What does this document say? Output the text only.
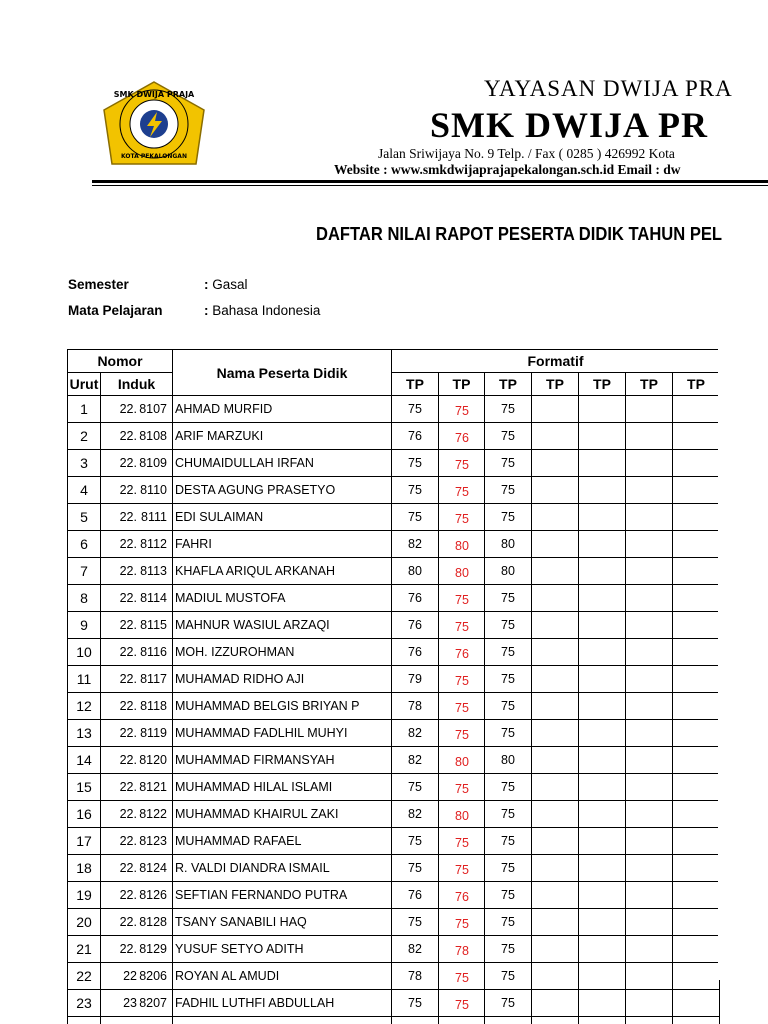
SMK DWIJA PRAJA
KOTA PEKALONGAN
YAYASAN DWIJA PRA
SMK DWIJA PR
Jalan Sriwijaya No. 9 Telp. / Fax ( 0285 ) 426992 Kota
Website : www.smkdwijaprajapekalongan.sch.id Email : dw
DAFTAR NILAI RAPOT PESERTA DIDIK TAHUN PEL
Semester	: Gasal
Mata Pelajaran	: Bahasa Indonesia
Nomor		Nama Peserta Didik	Formatif						
Urut	Induk		TP	TP	TP	TP	TP	TP	TP
1	22. 8107	AHMAD MURFID	75	75	75				
2	22. 8108	ARIF MARZUKI	76	76	75				
3	22. 8109	CHUMAIDULLAH IRFAN	75	75	75				
4	22. 8110	DESTA AGUNG PRASETYO	75	75	75				
5	22. 8111	EDI SULAIMAN	75	75	75				
6	22. 8112	FAHRI	82	80	80				
7	22. 8113	KHAFLA ARIQUL ARKANAH	80	80	80				
8	22. 8114	MADIUL MUSTOFA	76	75	75				
9	22. 8115	MAHNUR WASIUL ARZAQI	76	75	75				
10	22. 8116	MOH. IZZUROHMAN	76	76	75				
11	22. 8117	MUHAMAD RIDHO AJI	79	75	75				
12	22. 8118	MUHAMMAD BELGIS BRIYAN P	78	75	75				
13	22. 8119	MUHAMMAD FADLHIL MUHYI	82	75	75				
14	22. 8120	MUHAMMAD FIRMANSYAH	82	80	80				
15	22. 8121	MUHAMMAD HILAL ISLAMI	75	75	75				
16	22. 8122	MUHAMMAD KHAIRUL ZAKI	82	80	75				
17	22. 8123	MUHAMMAD RAFAEL	75	75	75				
18	22. 8124	R. VALDI DIANDRA ISMAIL	75	75	75				
19	22. 8126	SEFTIAN FERNANDO PUTRA	76	76	75				
20	22. 8128	TSANY SANABILI HAQ	75	75	75				
21	22. 8129	YUSUF SETYO ADITH	82	78	75				
22	22 8206	ROYAN AL AMUDI	78	75	75				
23	23 8207	FADHIL LUTHFI ABDULLAH	75	75	75				
